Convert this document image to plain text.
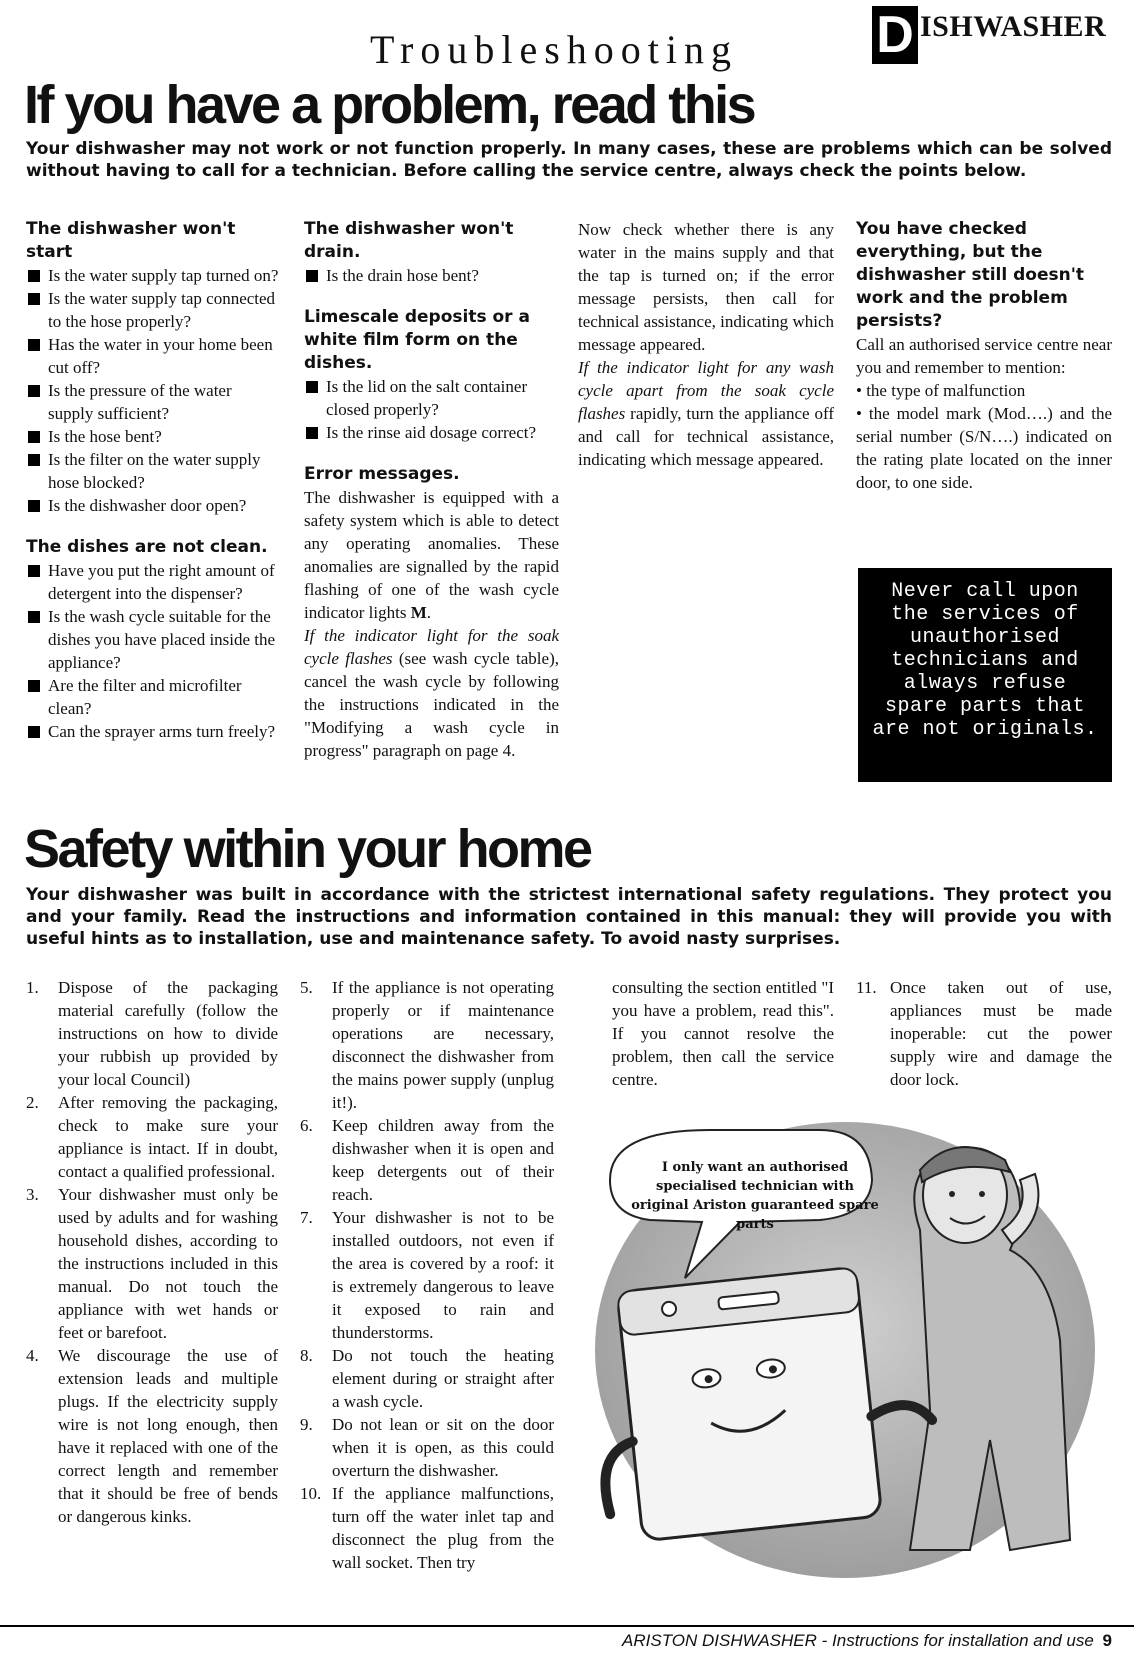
D ISHWASHER
Troubleshooting
If you have a problem, read this

Your dishwasher may not work or not function properly. In many cases, these are problems which can be solved without having to call for a technician. Before calling the service centre, always check the points below.

The dishwasher won't start
Is the water supply tap turned on?
Is the water supply tap connected to the hose properly?
Has the water in your home been cut off?
Is the pressure of the water supply sufficient?
Is the hose bent?
Is the filter on the water supply hose blocked?
Is the dishwasher door open?
The dishes are not clean.
Have you put the right amount of detergent into the dispenser?
Is the wash cycle suitable for the dishes you have placed inside the appliance?
Are the filter and microfilter clean?
Can the sprayer arms turn freely?
The dishwasher won't drain.
Is the drain hose bent?
Limescale deposits or a white film form on the dishes.
Is the lid on the salt container closed properly?
Is the rinse aid dosage correct?
Error messages.

The dishwasher is equipped with a safety system which is able to detect any operating anomalies. These anomalies are signalled by the rapid flashing of one of the wash cycle indicator lights M.

If the indicator light for the soak cycle flashes (see wash cycle table), cancel the wash cycle by following the instructions indicated in the "Modifying a wash cycle in progress" paragraph on page 4.

Now check whether there is any water in the mains supply and that the tap is turned on; if the error message persists, then call for technical assistance, indicating which message appeared.

If the indicator light for any wash cycle apart from the soak cycle flashes rapidly, turn the appliance off and call for technical assistance, indicating which message appeared.

You have checked everything, but the dishwasher still doesn't work and the problem persists?

Call an authorised service centre near you and remember to mention:

• the type of malfunction

• the model mark (Mod….) and the serial number (S/N….) indicated on the rating plate located on the inner door, to one side.

Never call upon the services of unauthorised technicians and always refuse spare parts that are not originals.
Safety within your home

Your dishwasher was built in accordance with the strictest international safety regulations. They protect you and your family. Read the instructions and information contained in this manual: they will provide you with useful hints as to installation, use and maintenance safety. To avoid nasty surprises.

1. Dispose of the packaging material carefully (follow the instructions on how to divide your rubbish up provided by your local Council)

2. After removing the packaging, check to make sure your appliance is intact. If in doubt, contact a qualified professional.

3. Your dishwasher must only be used by adults and for washing household dishes, according to the instructions included in this manual. Do not touch the appliance with wet hands or feet or barefoot.

4. We discourage the use of extension leads and multiple plugs. If the electricity supply wire is not long enough, then have it replaced with one of the correct length and remember that it should be free of bends or dangerous kinks.

5. If the appliance is not operating properly or if maintenance operations are necessary, disconnect the dishwasher from the mains power supply (unplug it!).

6. Keep children away from the dishwasher when it is open and keep detergents out of their reach.

7. Your dishwasher is not to be installed outdoors, not even if the area is covered by a roof: it is extremely dangerous to leave it exposed to rain and thunderstorms.

8. Do not touch the heating element during or straight after a wash cycle.

9. Do not lean or sit on the door when it is open, as this could overturn the dishwasher.

10. If the appliance malfunctions, turn off the water inlet tap and disconnect the plug from the wall socket. Then try

consulting the section entitled "I you have a problem, read this". If you cannot resolve the problem, then call the service centre.

11. Once taken out of use, appliances must be made inoperable: cut the power supply wire and damage the door lock.

I only want an authorised specialised technician with original Ariston guaranteed spare parts
ARISTON DISHWASHER - Instructions for installation and use 9
